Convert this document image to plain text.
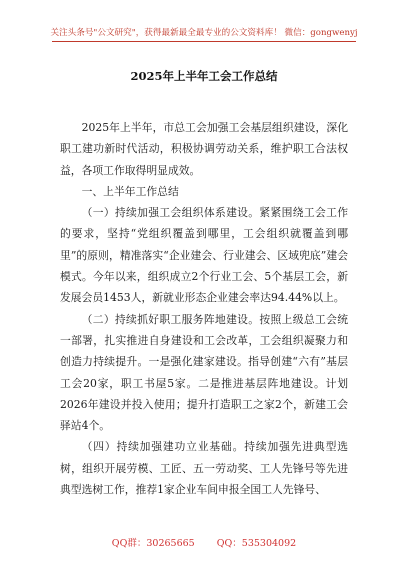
关注头条号"公文研究"，获得最新最全最专业的公文资料库！ 微信：gongwenyj
2025年上半年工会工作总结

2025年上半年，市总工会加强工会基层组织建设，深化职工建功新时代活动，积极协调劳动关系，维护职工合法权益，各项工作取得明显成效。

一、上半年工作总结

（一）持续加强工会组织体系建设。紧紧围绕工会工作的要求，坚持“党组织覆盖到哪里，工会组织就覆盖到哪里”的原则，精准落实“企业建会、行业建会、区域兜底”建会模式。今年以来，组织成立2个行业工会、5个基层工会，新发展会员1453人，新就业形态企业建会率达94.44%以上。

（二）持续抓好职工服务阵地建设。按照上级总工会统一部署，扎实推进自身建设和工会改革，工会组织凝聚力和创造力持续提升。一是强化建家建设。指导创建“六有”基层工会20家，职工书屋5家。二是推进基层阵地建设。计划2026年建设并投入使用；提升打造职工之家2个，新建工会驿站4个。

（四）持续加强建功立业基础。持续加强先进典型选树，组织开展劳模、工匠、五一劳动奖、工人先锋号等先进典型选树工作，推荐1家企业车间申报全国工人先锋号、

QQ群：30265665 QQ：535304092
